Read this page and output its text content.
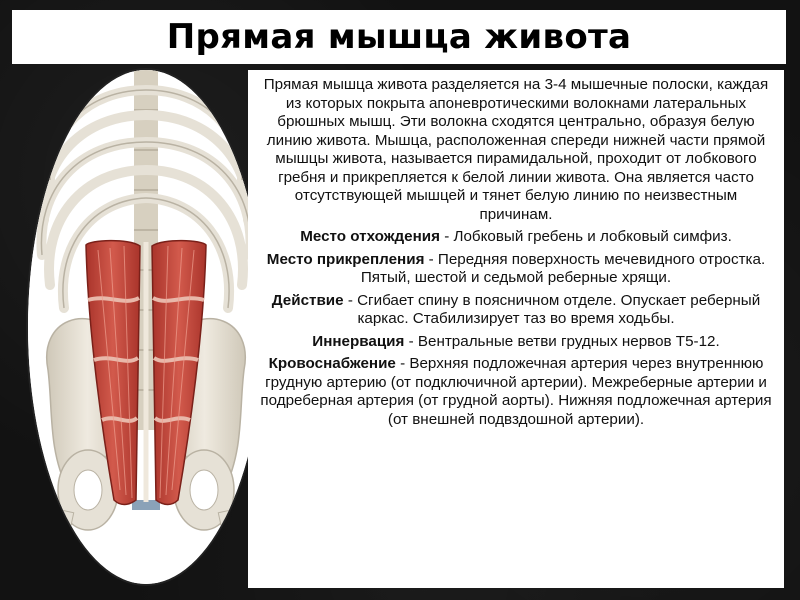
Прямая мышца живота

Прямая мышца живота разделяется на 3-4 мышечные полоски, каждая из которых покрыта апоневротическими волокнами латеральных брюшных мышц. Эти волокна сходятся центрально, образуя белую линию живота. Мышца, расположенная спереди нижней части прямой мышцы живота, называется пирамидальной, проходит от лобкового гребня и прикрепляется к белой линии живота. Она является часто отсутствующей мышцей и тянет белую линию по неизвестным причинам.

Место отхождения - Лобковый гребень и лобковый симфиз.

Место прикрепления - Передняя поверхность мечевидного отростка. Пятый, шестой и седьмой реберные хрящи.

Действие - Сгибает спину в поясничном отделе. Опускает реберный каркас. Стабилизирует таз во время ходьбы.

Иннервация - Вентральные ветви грудных нервов Т5-12.

Кровоснабжение - Верхняя подложечная артерия через внутреннюю грудную артерию (от подключичной артерии). Межреберные артерии и подреберная артерия (от грудной аорты). Нижняя подложечная артерия (от внешней подвздошной артерии).
